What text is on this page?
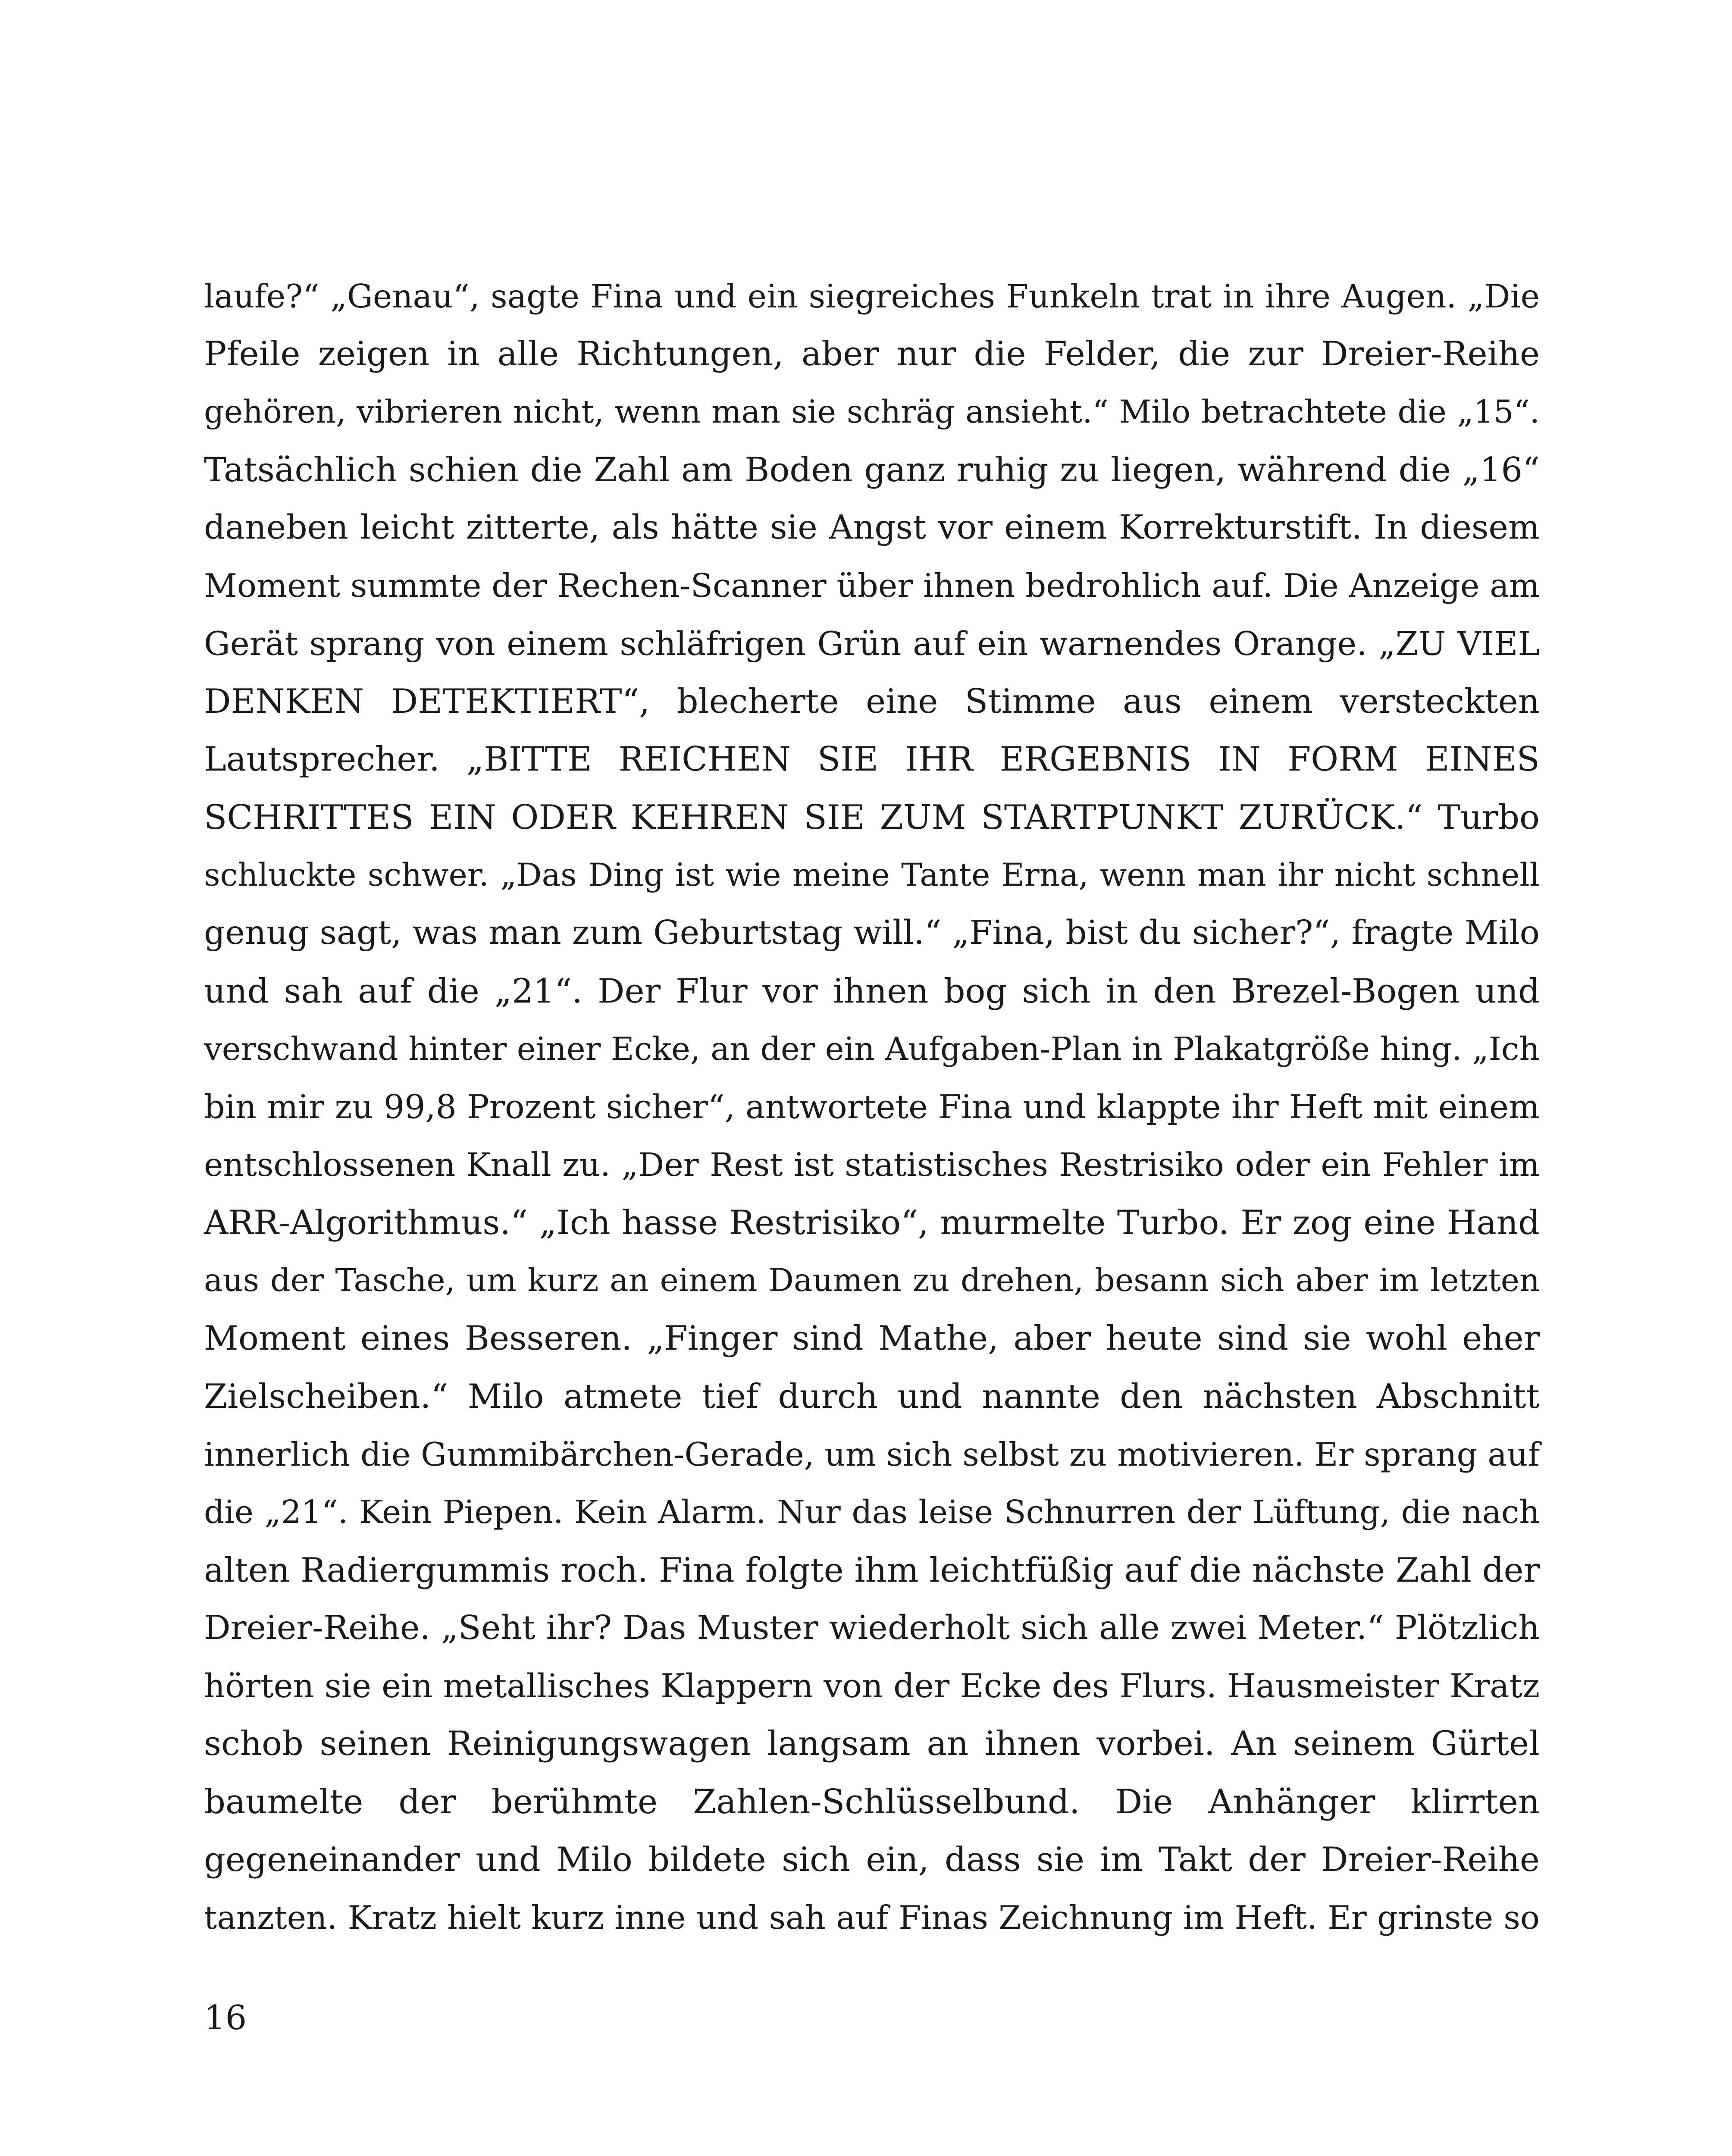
laufe?“ „Genau“, sagte Fina und ein siegreiches Funkeln trat in ihre Augen. „Die
Pfeile zeigen in alle Richtungen, aber nur die Felder, die zur Dreier-Reihe
gehören, vibrieren nicht, wenn man sie schräg ansieht.“ Milo betrachtete die „15“.
Tatsächlich schien die Zahl am Boden ganz ruhig zu liegen, während die „16“
daneben leicht zitterte, als hätte sie Angst vor einem Korrekturstift. In diesem
Moment summte der Rechen-Scanner über ihnen bedrohlich auf. Die Anzeige am
Gerät sprang von einem schläfrigen Grün auf ein warnendes Orange. „ZU VIEL
DENKEN DETEKTIERT“, blecherte eine Stimme aus einem versteckten
Lautsprecher. „BITTE REICHEN SIE IHR ERGEBNIS IN FORM EINES
SCHRITTES EIN ODER KEHREN SIE ZUM STARTPUNKT ZURÜCK.“ Turbo
schluckte schwer. „Das Ding ist wie meine Tante Erna, wenn man ihr nicht schnell
genug sagt, was man zum Geburtstag will.“ „Fina, bist du sicher?“, fragte Milo
und sah auf die „21“. Der Flur vor ihnen bog sich in den Brezel-Bogen und
verschwand hinter einer Ecke, an der ein Aufgaben-Plan in Plakatgröße hing. „Ich
bin mir zu 99,8 Prozent sicher“, antwortete Fina und klappte ihr Heft mit einem
entschlossenen Knall zu. „Der Rest ist statistisches Restrisiko oder ein Fehler im
ARR-Algorithmus.“ „Ich hasse Restrisiko“, murmelte Turbo. Er zog eine Hand
aus der Tasche, um kurz an einem Daumen zu drehen, besann sich aber im letzten
Moment eines Besseren. „Finger sind Mathe, aber heute sind sie wohl eher
Zielscheiben.“ Milo atmete tief durch und nannte den nächsten Abschnitt
innerlich die Gummibärchen-Gerade, um sich selbst zu motivieren. Er sprang auf
die „21“. Kein Piepen. Kein Alarm. Nur das leise Schnurren der Lüftung, die nach
alten Radiergummis roch. Fina folgte ihm leichtfüßig auf die nächste Zahl der
Dreier-Reihe. „Seht ihr? Das Muster wiederholt sich alle zwei Meter.“ Plötzlich
hörten sie ein metallisches Klappern von der Ecke des Flurs. Hausmeister Kratz
schob seinen Reinigungswagen langsam an ihnen vorbei. An seinem Gürtel
baumelte der berühmte Zahlen-Schlüsselbund. Die Anhänger klirrten
gegeneinander und Milo bildete sich ein, dass sie im Takt der Dreier-Reihe
tanzten. Kratz hielt kurz inne und sah auf Finas Zeichnung im Heft. Er grinste so
16
